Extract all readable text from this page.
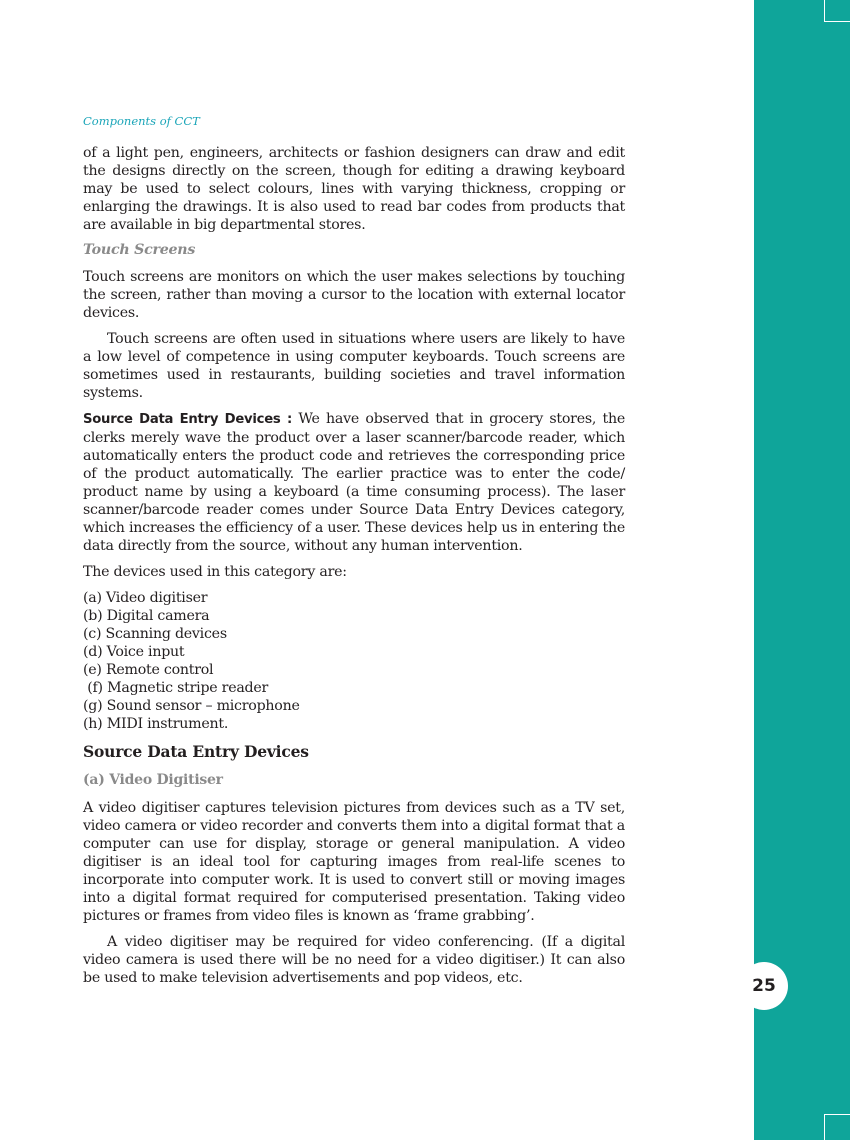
25
Components of CCT

of a light pen, engineers, architects or fashion designers can draw and edit the designs directly on the screen, though for editing a drawing keyboard may be used to select colours, lines with varying thickness, cropping or enlarging the drawings. It is also used to read bar codes from products that are available in big departmental stores.

Touch Screens

Touch screens are monitors on which the user makes selections by touching the screen, rather than moving a cursor to the location with external locator devices.

Touch screens are often used in situations where users are likely to have a low level of competence in using computer keyboards. Touch screens are sometimes used in restaurants, building societies and travel information systems.

Source Data Entry Devices : We have observed that in grocery stores, the clerks merely wave the product over a laser scanner/barcode reader, which automatically enters the product code and retrieves the corresponding price of the product automatically. The earlier practice was to enter the code/ product name by using a keyboard (a time consuming process). The laser scanner/barcode reader comes under Source Data Entry Devices category, which increases the efficiency of a user. These devices help us in entering the data directly from the source, without any human intervention.

The devices used in this category are:

(a) Video digitiser
(b) Digital camera
(c) Scanning devices
(d) Voice input
(e) Remote control
(f) Magnetic stripe reader
(g) Sound sensor – microphone
(h) MIDI instrument.

Source Data Entry Devices

(a) Video Digitiser

A video digitiser captures television pictures from devices such as a TV set, video camera or video recorder and converts them into a digital format that a computer can use for display, storage or general manipulation. A video digitiser is an ideal tool for capturing images from real-life scenes to incorporate into computer work. It is used to convert still or moving images into a digital format required for computerised presentation. Taking video pictures or frames from video files is known as ‘frame grabbing’.

A video digitiser may be required for video conferencing. (If a digital video camera is used there will be no need for a video digitiser.) It can also be used to make television advertisements and pop videos, etc.
